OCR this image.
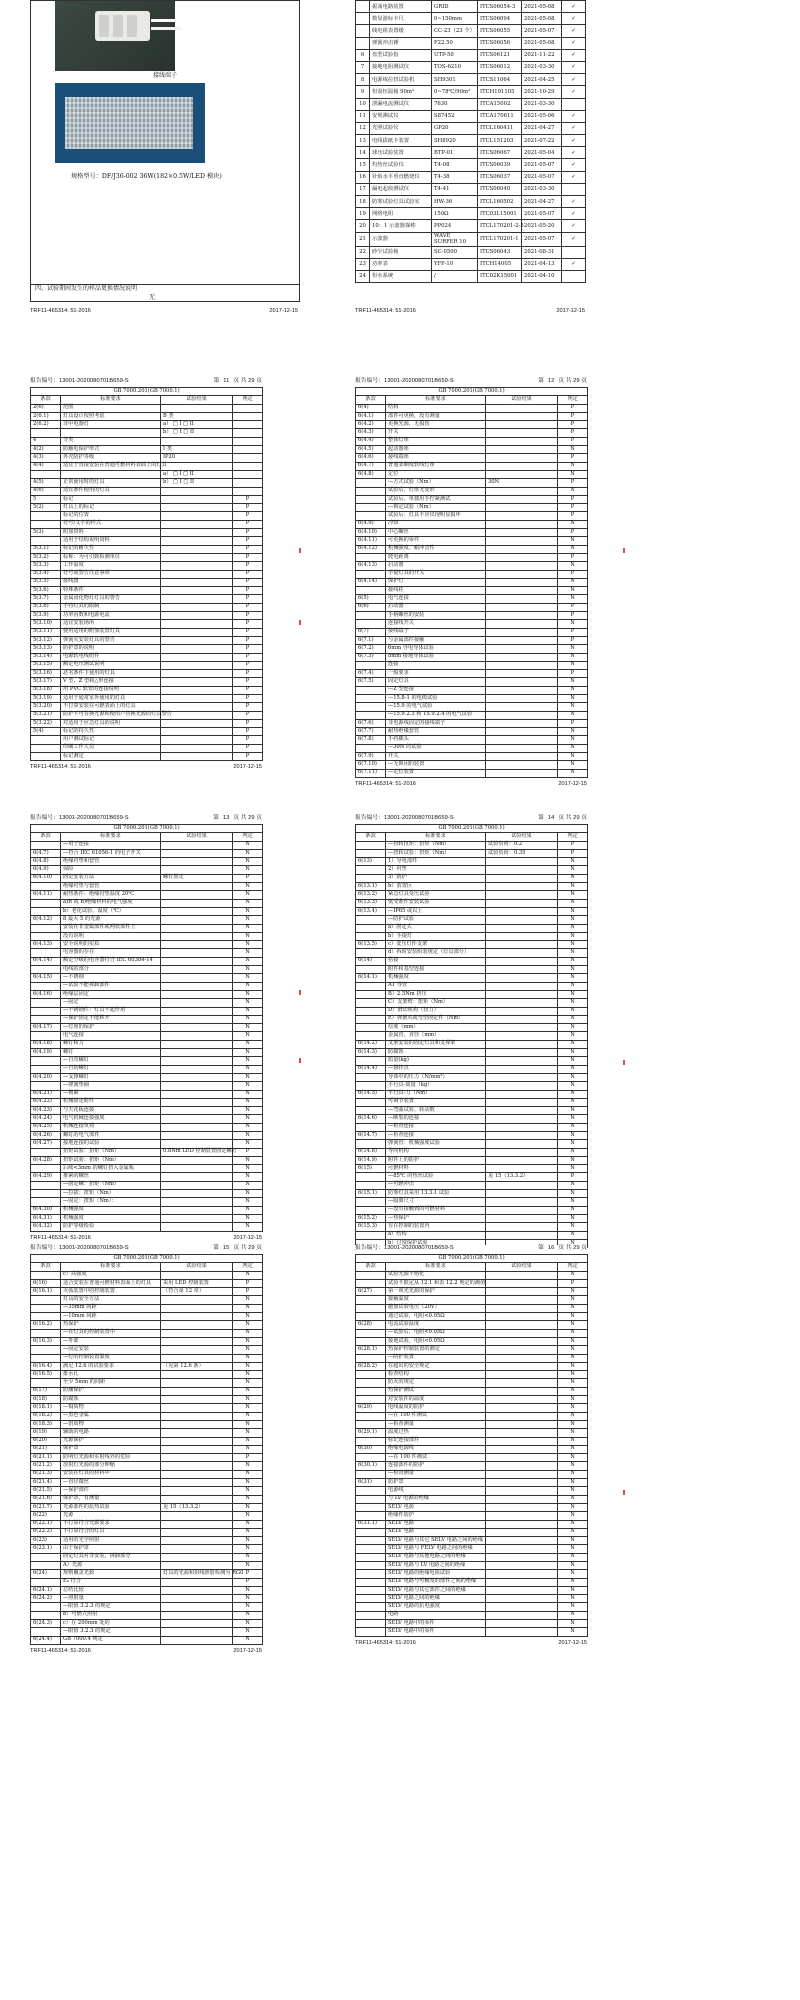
接线端子
规格型号：DF/J36-002 36W(182×0.5W/LED 模块)
四、试验期间发生的样品更换情况说明
无
TRF11-465314: 51-2016	2017-12-15
	振荡电路装置	GRID	ITCS06054-3	2021-05-08	✓
	数显游标卡尺	0~150mm	ITCS06094	2021-05-08	✓
	线电阻表置缓	CC-23（23 个）	ITCS06055	2021-05-07	✓
	弹簧冲击锤	F22.50	ITCS06056	2021-05-08	✓
6	盘型试验指	UTP-50	ITCS06121	2021-11-22	✓
7	接地电阻测试仪	TOS-6210	ITCS06012	2021-03-30	✓
8	电源线拉扭试验机	SH9301	ITCS11064	2021-04-25	✓
9	恒湿恒温箱 90m³	0~78℃/90m³	ITCH191105	2021-10-29	✓
10	泄漏电流测试仪	7630	ITCA15002	2021-03-30	
11	安规测试仪	S87452	ITCA170611	2021-05-06	✓
12	光照试验仪	GP20	ITCL160411	2021-04-27	✓
13	电线拔纸卡装置	SH8920	ITCL151203	2021-07-22	✓
14	球压试验装置	BTP-01	ITCS06067	2021-05-04	✓
15	灼热丝试验仪	T4-08	ITCS06039	2021-05-07	✓
16	针焰水平垂直燃烧仪	T4-38	ITCS06037	2021-05-07	✓
17	漏电起痕测试仪	T4-41	ITCS06040	2021-03-30	
18	防雾试验灯具试验室	HW-36	ITCL160502	2021-04-27	✓
19	网络电阻	150Ω	ITC03L15001	2021-05-07	✓
20	10：1 示波器探棒	PP024	ITCL170201-2-5	2021-05-20	✓
21	示波器	WAVE SURFER 10	ITCL170201-1	2021-05-07	✓
22	砂尘试验箱	SC-0500	ITCS06043	2021-08-31	
23	功率表	YFF-10	ITCH14005	2021-04-13	✓
24	恒水系统	/	ITC02K15001	2021-04-10	
TRF11-465314: 51-2016	2017-12-15
报告编号：13001-2020080701B659-S	第 11 页 共 29 页
GB 7000.201(GB 7000.1)			
条款	标准要求	试验结果	判定
2(6)	范围		
2(6.1)	灯具设计按照考虑	B 类	
2(6.2)	非中电器灯	a） □ I □ II	
		b） □ I □ II	
4	分类		
4(2)	防触电保护形式	I 类	
4(3)	外壳防护等级	IP20	
4(4)	适宜于直接安装在普通可燃材料表面上的灯具		
		a） □ I □ II	
4(5)	正常使用时的灯具	b） □ I □ II	
4(6)	适宜条件使用的灯具		
5	标记		P
5(2)	灯具上的标记		P
	标记的位置		P
	符号/文字的样式		P
5(3)	附加资料		P
	适用于结构说明资料		P
5(3.1)	标记的耐久性		P
5(3.2)	标称：为可引致检测单位		P
5(3.3)	工作温度		P
5(3.4)	符号或警告注意事项		P
5(3.5)	接线图		P
5(3.6)	特殊条件		P
5(3.7)	金属卤化物灯灯具的警告		P
5(3.8)	手持灯具的限制		P
5(3.9)	功率因数和电源电流		P
5(3.10)	适宜安装场所		P
5(3.11)	使用适用的附加装置灯具		P
5(3.12)	弹簧夹安装灯具的警告		P
5(3.13)	防护罩的说明		P
5(3.14)	电源软电线组件		P
5(3.15)	额定电压测试说明		P
5(3.16)	恶劣条件下使用的灯具		P
5(3.17)	V 型、Z 型和△形连接		P
5(3.18)	用 PVC 软管的连接说明		P
5(3.19)	适用于通常室外使用的灯具		P
5(3.20)	不打算安装在可燃表面上的灯具		P
5(3.21)	防护不可替换光源和使用户替换光源的灯具警告		P
5(3.22)	对适用于应急灯具的说明		P
5(4)	标记的持久性		P
	用户测试标记		P
	印刷工作人员		P
	标记测定		P
TRF11-465314: 51-2016	2017-12-15
报告编号：13001-2020080701B659-S	第 12 页 共 29 页
GB 7000.201(GB 7000.1)			
条款	标准要求	试验结果	判定
6(4)	结构		P
6(4.1)	部件可更换，没有测量		P
6(4.2)	更换光源，无损伤		P
6(4.3)	开关		P
6(4.4)	整体灯座		P
6(4.5)	起动器座		N
6(4.6)	接线端座		P
6(4.7)	普通柔顺度软线灯座		N
6(4.8)	定位		N
	—方式试验（Nm）	30N	P
	试验后，灯座无变形		N
	试验后，单独用手拧紧测试		P
	—锁定试验（Nm）		P
	试验后：灯具不应出现明显损坏		P
6(4.9)	冷却		N
6(4.10)	中心螺丝		P
6(4.11)	可更换的零件		N
6(4.12)	机械强度、耐冲击性		N
	爬电距离		P
6(4.13)	启动器		N
	手提灯具的开关		P
6(4.14)	保护灯		N
	接线柱		N
6(5)	电气连接		N
6(6)	启动器		P
	手柄螺丝的安装		P
	连接线开关		N
6(7)	接线端子		P
6(7.1)	与金属部件接触		P
6(7.2)	6mm 导电导体试验		N
6(7.3)	8mm 接地导体试验		N
	连接		N
6(7.4)	一般要求		P
6(7.5)	固定灯具		N
	—Z 型连接		N
	—15.8-1 的电缆试验		N
	—15.9 的电气试验		N
	—15.9.2.3 和 15.9.2.4 的电气试验		N
6(7.6)	非电源线固定的接线端子		P
6(7.7)	耐热绝缘套管		N
6(7.8)	手持插头		N
	—30N 的试验		N
6(7.9)	开关		N
6(7.10)	—无锁闭的装置		N
6(7.11)	—定位装置		N
TRF11-465314: 51-2016	2017-12-15
报告编号：13001-2020080701B659-S	第 13 页 共 29 页
GB 7000.201(GB 7000.1)			
条款	标准要求	试验结果	判定
	—用于连接		N
6(4.7)	—符合 IEC 61056-1 的电子开关		N
6(4.8)	绝缘衬垫和套管		N
6(4.9)	保险		N
6(4.10)	固定安装方法	螺钉固定	P
	绝缘衬垫与套管		N
6(4.11)	耐热条件：绝缘衬垫温度 20℃		N
	a)R 或 b)绝缘材料的电气强度		N
	b）老化试验、温度（℃）		N
6(4.12)	8 最大 5 的光源		N
	安装在非金属部件或网状部件上		N
	没有说明		N
6(4.13)	安全说明的实质		N
	电容器的存在		N
6(4.14)	额定分级的电容器符合 IEC 60384-14		N
	电线的部分		N
6(4.15)	—不锈钢		N
	—试验不能拆卸部件		N
6(4.16)	绝缘层固定		N
	—固定		N
	—不锈钢件：灯具不起作用		N
	—保护固定不能移开		N
6(4.17)	—灯座的保护		N
	电气连接		N
6(4.18)	螺钉和力		N
6(4.19)	螺钉		N
	—自攻螺钉		N
	—自切螺钉		N
6(4.20)	—支撑螺钉		N
	—弹簧垫圈		N
6(4.21)	—锁紧		N
6(4.22)	机械固定附件		N
6(4.23)	与天花板连接		N
6(4.24)	电气机械连接强度		N
6(4.25)	机械连接负荷		N
6(4.26)	螺钉的电气部件		N
6(4.27)	接地连接的试验		N
	扭矩试验：扭矩（Nm）	0.8Nm LED 控制装置固定螺钉	P
6(4.28)	扭矩试验：扭矩（Nm）		N
	后续<3mm 的螺钉扭入金属板		N
6(4.29)	推紧的螺丝		N
	—固定螺：扭矩（Nm）		N
	—拉拔：扭矩（Nm）		N
	—固定：扭矩（Nm）：		N
6(4.30)	机械强度		N
6(4.31)	机械强度		N
6(4.32)	防护等级检验		N
TRF11-465314: 51-2016	2017-12-15
报告编号：13001-2020080701B659-S	第 14 页 共 29 页
GB 7000.201(GB 7000.1)			
条款	标准要求	试验结果	判定
	—扭转扭矩：扭矩（Nm）	试验负荷：0.2	P
	—扭转试验：扭矩（Nm）	试验负荷：0.35	P
6(13)	1）导电部件		N
	2）衬垫		N
	3）防护		N
6(13.1)	b）放置区		N
6(13.2)	紧急灯具受压试验		N
6(13.3)	低受准件安装试验		N
6(13.4)	—IP65 或以上		N
	—防护试验		N
	a）固定式		N
	b）手提灯		N
6(13.5)	c）变压灯件支架		N
	d）拆时安装组装规定（灯具部分）		N
6(14)	搭接		N
	附件和基型连接		N
6(14.1)	机械强度		N
	A1 导管		N
	B）2.5Nm 挤压		N
	C）支架臂：扭矩（Nm）		N
	D）滑动机构（扭力）		N
	E）弹簧夹或弯型固定件（Nm）		N
	厚度（mm）		N
	金属管，直径（mm）		N
6(14.2)	支承安装的固定灯具和支撑架		N
6(14.3)	防腐蚀		N
	质量(kg)		N
6(14.4)	—悬挂点		N
	导体中的压力（N/mm²）		N
	平行具-质量（kg）		N
6(14.5)	平行具-力（Nm）		N
	可调节装置		N
	—弯曲试验、转动数		N
6(14.6)	—断裂的连接		N
	—检查连接		N
6(14.7)	—检查连接		N
	弹簧管：机械强度试验		N
6(14.8)	导向机构		N
6(14.9)	附件上的防护		N
6(15)	可燃材料		N
	—85℃ 的热丝试验	见 15（13.3.2）	P
	—可燃冲击		N
6(15.1)	防雾灯具采用 13.3.1 试验		N
	—隔离尺寸		N
	—没有接触到的可燃材料		N
6(15.2)	—热保护		N
6(15.3)	有在控制的装置内		N
	a）结构		N
	b）过度保护试验		N
报告编号：13001-2020080701B659-S	第 15 页 共 29 页
GB 7000.201(GB 7000.1)			
条款	标准要求	试验结果	判定
	c）高强度		N
6(16)	适合安装在普通可燃材料表面上的灯具	采用 LED 控制装置	P
6(16.1)	灭弧装置中的控制装置	（符合第 12 章）	P
	灯具的安全方法		N
	—35mm 间距		N
	—10mm 间距		N
6(16.2)	热保护		N
	—在灯具的控制装置中		N
6(16.3)	—外部		N
	—固定安装		N
	—灯的控制装置温度		N
6(16.4)	满足 12.6 的试验要求	（见第 12.6 条）	N
6(16.5)	排水孔		N
	至少 5mm 的间距		N
6(17)	防潮保护		N
6(18)	防腐蚀		N
6(18.1)	—铜质物		N
6(18.2)	—黑色金属		N
6(18.3)	—铝质物		N
6(19)	辅助的电路		N
6(20)	光源保护		N
6(21)	保护罩		N
6(21.1)	防明灯光源和实射线外的危险		P
6(21.2)	放射灯光源的部分伸缩		N
6(21.3)	安装在灯具的材料中		N
6(21.4)	—直径微丝		N
6(21.5)	—保护部件		N
6(21.6)	保护罩，有测量		N
6(21.7)	光源部件的抗热试验	见 15（13.3.2）	N
6(22)	光源		N
6(22.1)	不打算符合光源要求		N
6(22.2)	不打算符合的灯具		N
6(23)	适用的光学照射		N
6(23.1)	由于保护罩		N
	固定灯具对非安装，拆卸部分		N
	A）光源		N
6(24)	规则覆盖光源	灯具的光源和射线照射检测为 RG0	P
	E₀ 符合		P
6(24.1)	总结比较		N
6(24.2)	—照射量		N
	—限值 3.2.3 的规定		N
	b）可燃式照射		N
6(24.3)	c）在 200mm 处的		N
	—限值 3.2.3 的规定		N
6(24.4)	GB 7000.4 规定		N
TRF11-465314: 51-2016	2017-12-15
报告编号：13001-2020080701B659-S	第 16 页 共 29 页
GB 7000.201(GB 7000.1)			
条款	标准要求	试验结果	判定
	试验光源不熔化		N
	试验不限定从 12.1 和表 12.2 规定的测值		P
6(27)	第一项光光源的保护		N
	接触温度		N
	施加试验电压（20V）		N
	通过试验，电阻<0.05Ω		N
6(28)	电流试验温度		N
	—试验后，电阻<0.05Ω		N
	接地试验，电阻<0.05Ω		N
6(28.1)	热保护控制装置的测定		N
	—防护装置		N
6(28.2)	在超出的安全规定		N
	检查结构		N
	防火的规定		N
	热保护测试		N
	对安装件的温度		N
6(29)	电线温度的防护		N
	—在 100 件测试		N
	—检查测量		N
6(29.1)	温度过热		N
	标记连接部件		N
6(30)	绝缘电源线		N
	—在 100 件测试		N
6(30.1)	连接部件的防护		N
	—检查测量		N
6(31)	防护罩		N
	电源线		N
	与 LV 电源的绝缘		N
	SELV 电源		N
	绝缘件防护		N
6(31.1)	SELV 电路		N
	SELV 电路		N
	SELV 电路与其它 SELV 电路之间的绝缘		N
	SELV 电路与 FELV 电路之间的绝缘		N
	SELV 电路与其他电路之间的绝缘		N
	SELV 电路与 LV 电路之间的绝缘		N
	SELV 电路的绝缘电阻试验		N
	SELV 电路与可触及的部件之间的绝缘		N
	SELV 电路与其它部件之间的绝缘		N
	SELV 电路之间的绝缘		N
	SELV 电路的抗电强度		N
	电路		N
	SELV 电路中的零件		N
	SELV 电路中的零件		N
TRF11-465314: 51-2016	2017-12-15
